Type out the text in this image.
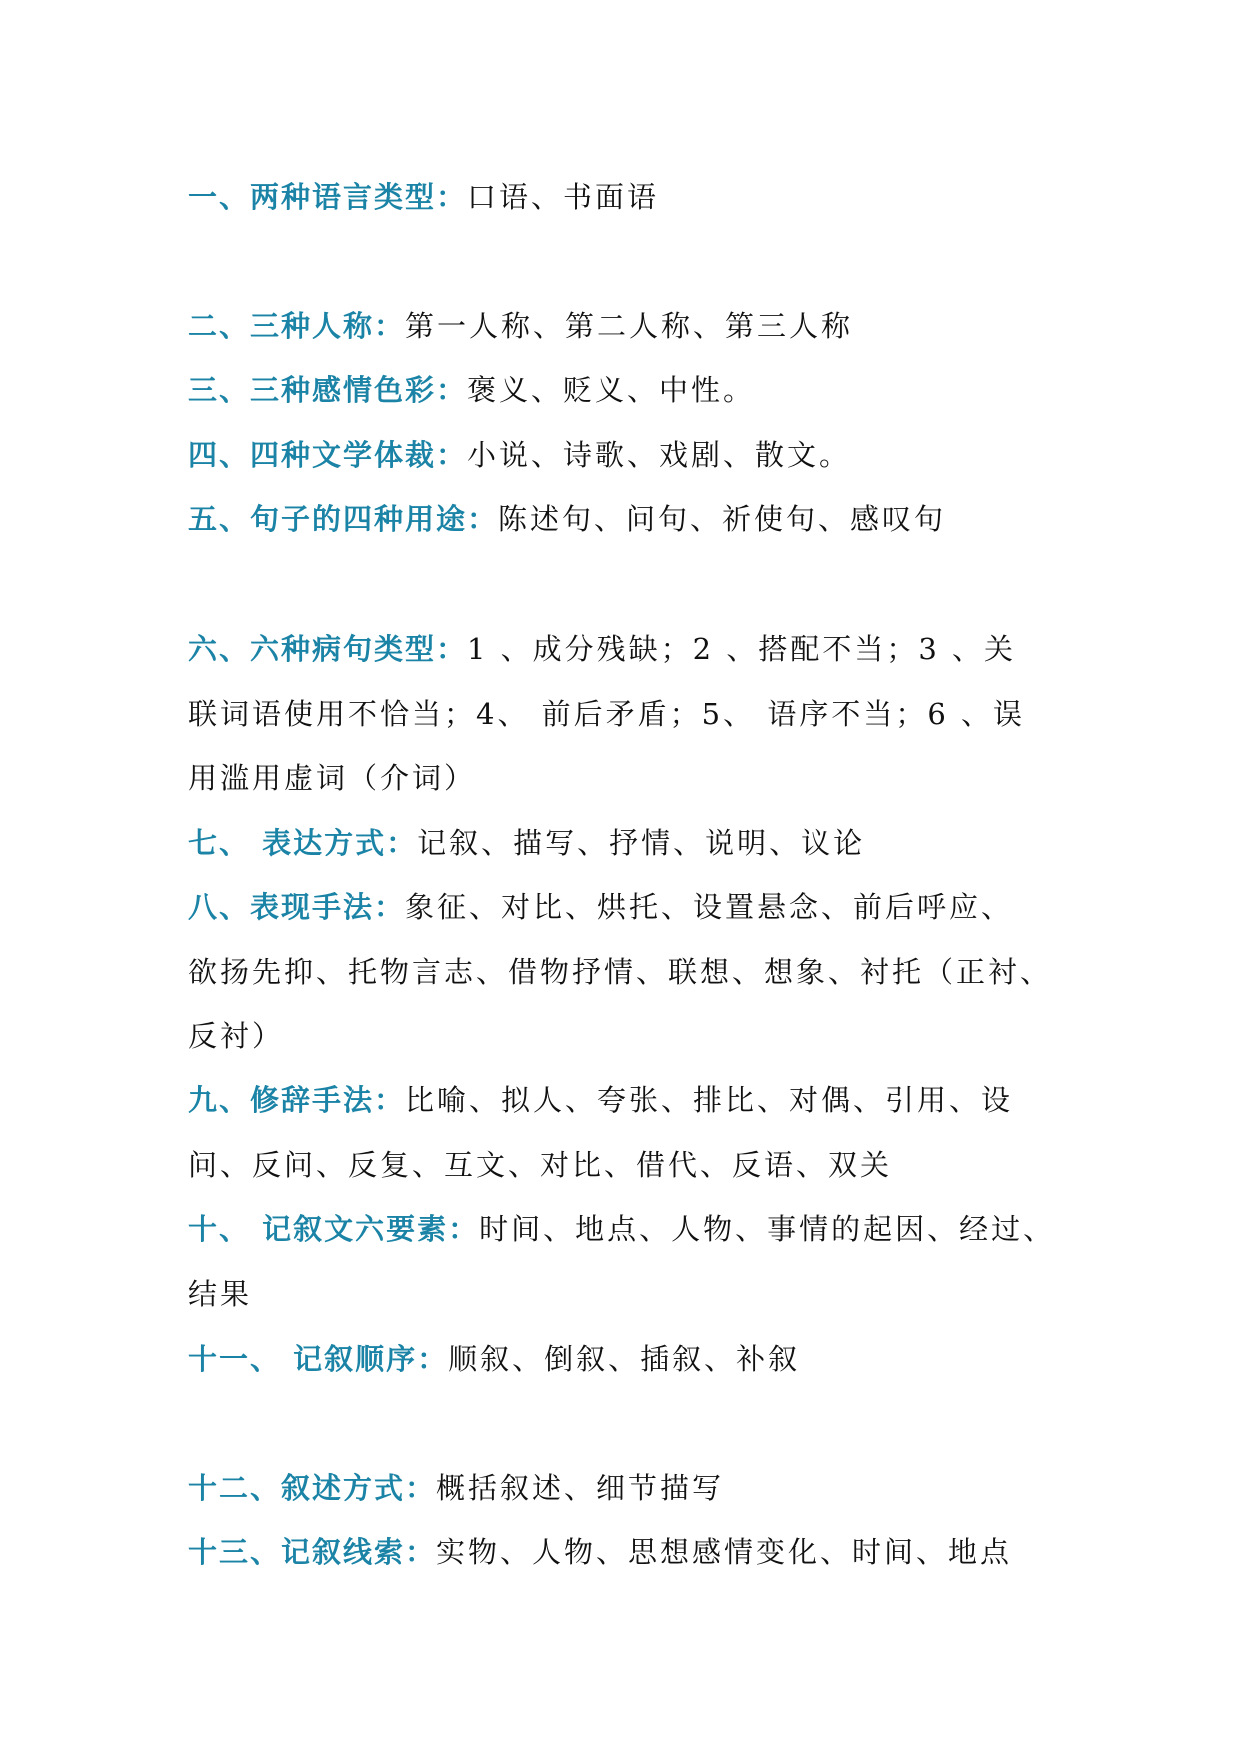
一、两种语言类型：口语、书面语
二、三种人称：第一人称、第二人称、第三人称
三、三种感情色彩：褒义、贬义、中性。
四、四种文学体裁：小说、诗歌、戏剧、散文。
五、句子的四种用途：陈述句、问句、祈使句、感叹句
六、六种病句类型：1 、成分残缺；2 、搭配不当；3 、关
联词语使用不恰当；4、 前后矛盾；5、 语序不当；6 、误
用滥用虚词（介词）
七、 表达方式：记叙、描写、抒情、说明、议论
八、表现手法：象征、对比、烘托、设置悬念、前后呼应、
欲扬先抑、托物言志、借物抒情、联想、想象、衬托（正衬、
反衬）
九、修辞手法：比喻、拟人、夸张、排比、对偶、引用、设
问、反问、反复、互文、对比、借代、反语、双关
十、 记叙文六要素：时间、地点、人物、事情的起因、经过、
结果
十一、 记叙顺序：顺叙、倒叙、插叙、补叙
十二、叙述方式：概括叙述、细节描写
十三、记叙线索：实物、人物、思想感情变化、时间、地点
